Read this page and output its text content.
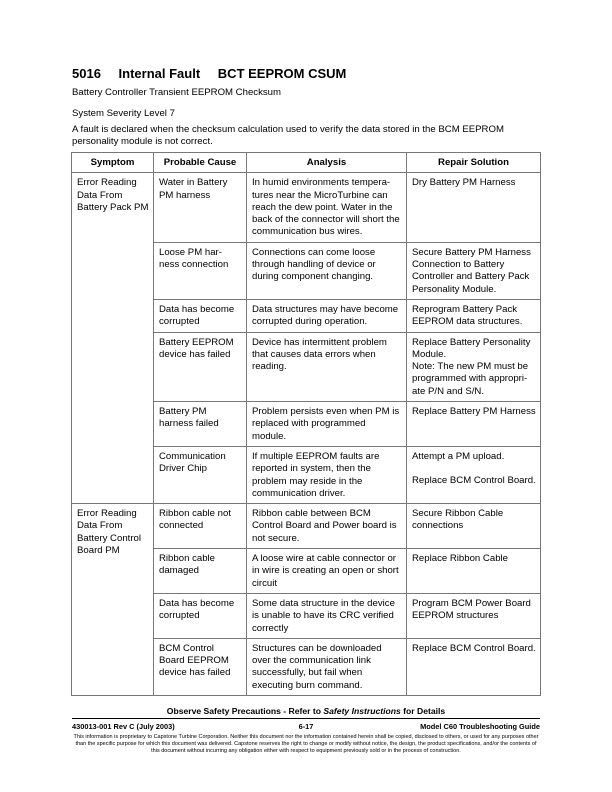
5016 Internal Fault BCT EEPROM CSUM
Battery Controller Transient EEPROM Checksum
System Severity Level 7
A fault is declared when the checksum calculation used to verify the data stored in the BCM EEPROM personality module is not correct.
Symptom	Probable Cause	Analysis	Repair Solution
Error Reading Data From Battery Pack PM	Water in Battery PM harness	In humid environments tempera- tures near the MicroTurbine can reach the dew point. Water in the back of the connector will short the communication bus wires.	Dry Battery PM Harness
	Loose PM har- ness connection	Connections can come loose through handling of device or during component changing.	Secure Battery PM Harness Connection to Battery Controller and Battery Pack Personality Module.
	Data has become corrupted	Data structures may have become corrupted during operation.	Reprogram Battery Pack EEPROM data structures.
	Battery EEPROM device has failed	Device has intermittent problem that causes data errors when reading.	Replace Battery Personality Module.
Note: The new PM must be programmed with appropri- ate P/N and S/N.

	Battery PM harness failed	Problem persists even when PM is replaced with programmed module.	Replace Battery PM Harness
	Communication Driver Chip	If multiple EEPROM faults are reported in system, then the problem may reside in the communication driver.	Attempt a PM upload.
Replace BCM Control Board.

Error Reading Data From Battery Control Board PM	Ribbon cable not connected	Ribbon cable between BCM Control Board and Power board is not secure.	Secure Ribbon Cable connections
	Ribbon cable damaged	A loose wire at cable connector or in wire is creating an open or short circuit	Replace Ribbon Cable
	Data has become corrupted	Some data structure in the device is unable to have its CRC verified correctly	Program BCM Power Board EEPROM structures
	BCM Control Board EEPROM device has failed	Structures can be downloaded over the communication link successfully, but fail when executing burn command.	Replace BCM Control Board.
Observe Safety Precautions - Refer to Safety Instructions for Details
6-17
430013-001 Rev C (July 2003)	Model C60 Troubleshooting Guide
This information is proprietary to Capstone Turbine Corporation. Neither this document nor the information contained herein shall be copied, disclosed to others, or used for any purposes other than the specific purpose for which this document was delivered. Capstone reserves the right to change or modify without notice, the design, the product specifications, and/or the contents of this document without incurring any obligation either with respect to equipment previously sold or in the process of construction.
